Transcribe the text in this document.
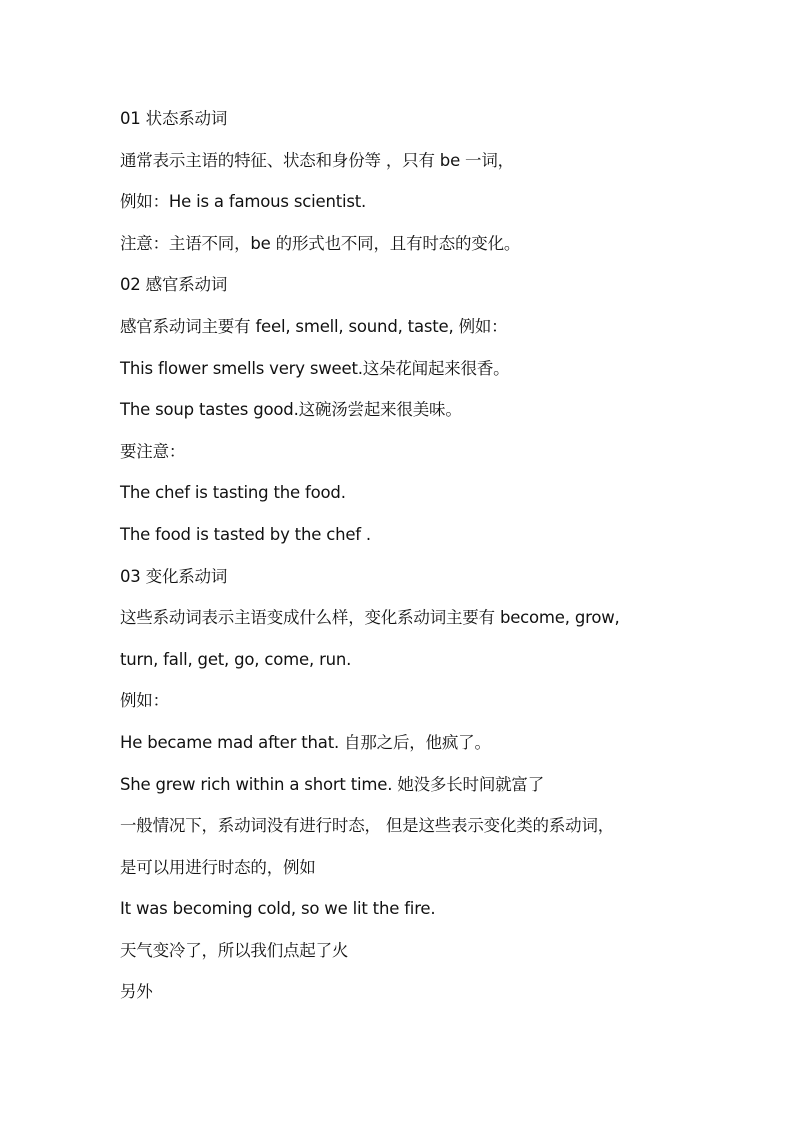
01 状态系动词
通常表示主语的特征、状态和身份等 ，只有 be 一词，
例如：He is a famous scientist.
注意：主语不同，be 的形式也不同，且有时态的变化。
02 感官系动词
感官系动词主要有 feel, smell, sound, taste, 例如：
This flower smells very sweet.这朵花闻起来很香。
The soup tastes good.这碗汤尝起来很美味。
要注意：
The chef is tasting the food.
The food is tasted by the chef .
03 变化系动词
这些系动词表示主语变成什么样，变化系动词主要有 become, grow,
turn, fall, get, go, come, run.
例如：
He became mad after that. 自那之后，他疯了。
She grew rich within a short time. 她没多长时间就富了
一般情况下，系动词没有进行时态， 但是这些表示变化类的系动词，
是可以用进行时态的，例如
It was becoming cold, so we lit the fire.
天气变冷了，所以我们点起了火
另外
